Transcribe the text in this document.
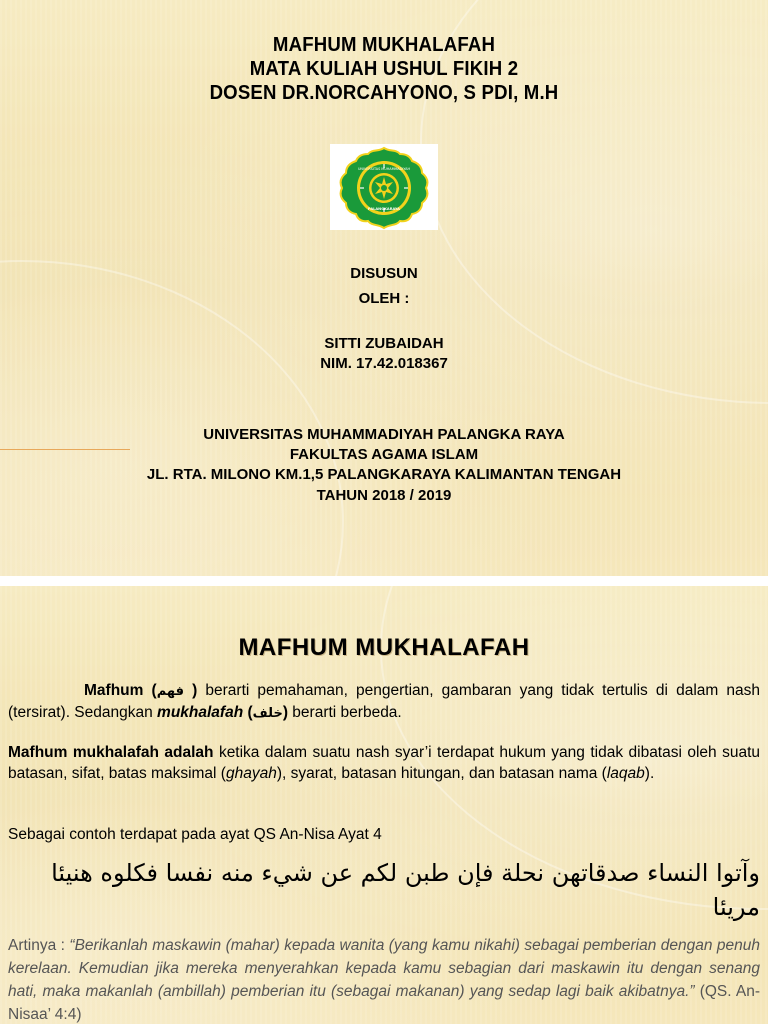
MAFHUM MUKHALAFAH
MATA KULIAH USHUL FIKIH 2
DOSEN DR.NORCAHYONO, S PDI, M.H
UNIVERSITAS MUHAMMADIYAH
PALANGKARAYA
DISUSUN
OLEH :
SITTI ZUBAIDAH
NIM. 17.42.018367
UNIVERSITAS MUHAMMADIYAH PALANGKA RAYA
FAKULTAS AGAMA ISLAM
JL. RTA. MILONO KM.1,5 PALANGKARAYA KALIMANTAN TENGAH
TAHUN 2018 / 2019
MAFHUM MUKHALAFAH
Mafhum (فهم ) berarti pemahaman, pengertian, gambaran yang tidak tertulis di dalam nash (tersirat). Sedangkan mukhalafah (خلف) berarti berbeda.
Mafhum mukhalafah adalah ketika dalam suatu nash syar’i terdapat hukum yang tidak dibatasi oleh suatu batasan, sifat, batas maksimal (ghayah), syarat, batasan hitungan, dan batasan nama (laqab).
Sebagai contoh terdapat pada ayat QS An-Nisa Ayat 4
وآتوا النساء صدقاتهن نحلة فإن طبن لكم عن شيء منه نفسا فكلوه هنيئا مريئا
Artinya : “Berikanlah maskawin (mahar) kepada wanita (yang kamu nikahi) sebagai pemberian dengan penuh kerelaan. Kemudian jika mereka menyerahkan kepada kamu sebagian dari maskawin itu dengan senang hati, maka makanlah (ambillah) pemberian itu (sebagai makanan) yang sedap lagi baik akibatnya.” (QS. An-Nisaa’ 4:4)
